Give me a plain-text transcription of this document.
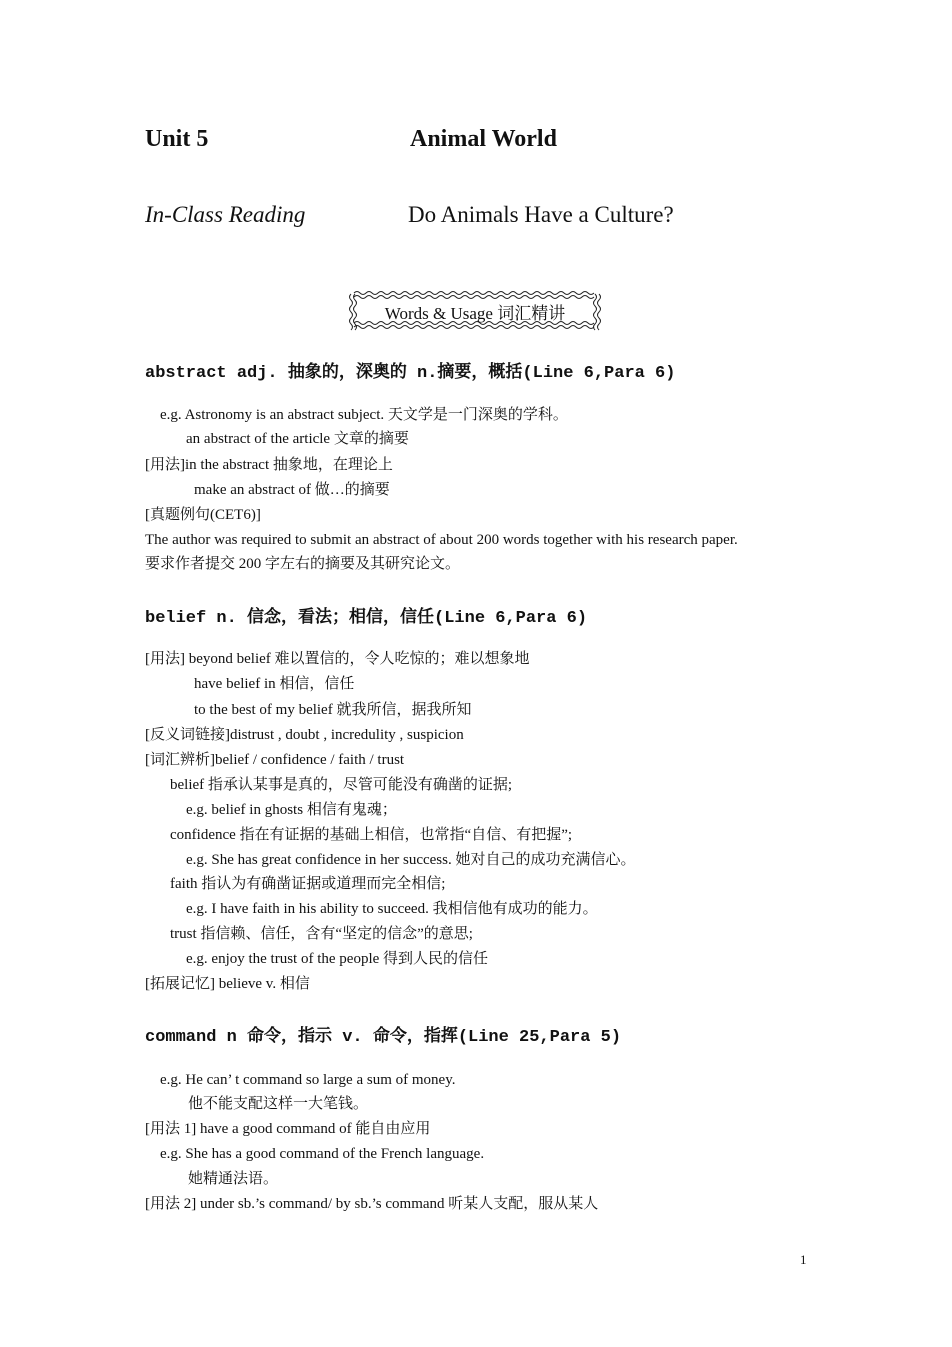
Unit 5	Animal World
In-Class Reading	Do Animals Have a Culture?
Words & Usage 词汇精讲
abstract adj. 抽象的，深奥的 n.摘要，概括(Line 6,Para 6)
e.g. Astronomy is an abstract subject. 天文学是一门深奥的学科。
an abstract of the article 文章的摘要
[用法]in the abstract 抽象地，在理论上
make an abstract of 做…的摘要
[真题例句(CET6)]
The author was required to submit an abstract of about 200 words together with his research paper.
要求作者提交 200 字左右的摘要及其研究论文。
belief n. 信念，看法；相信，信任(Line 6,Para 6)
[用法] beyond belief 难以置信的，令人吃惊的；难以想象地
have belief in 相信，信任
to the best of my belief 就我所信，据我所知
[反义词链接]distrust , doubt , incredulity , suspicion
[词汇辨析]belief / confidence / faith / trust
belief 指承认某事是真的，尽管可能没有确凿的证据;
e.g. belief in ghosts 相信有鬼魂；
confidence 指在有证据的基础上相信，也常指“自信、有把握”;
e.g. She has great confidence in her success. 她对自己的成功充满信心。
faith 指认为有确凿证据或道理而完全相信;
e.g. I have faith in his ability to succeed. 我相信他有成功的能力。
trust 指信赖、信任，含有“坚定的信念”的意思;
e.g. enjoy the trust of the people 得到人民的信任
[拓展记忆] believe v. 相信
command n 命令，指示 v. 命令，指挥(Line 25,Para 5)
e.g. He can’ t command so large a sum of money.
他不能支配这样一大笔钱。
[用法 1] have a good command of 能自由应用
e.g. She has a good command of the French language.
她精通法语。
[用法 2] under sb.’s command/ by sb.’s command 听某人支配，服从某人
1
